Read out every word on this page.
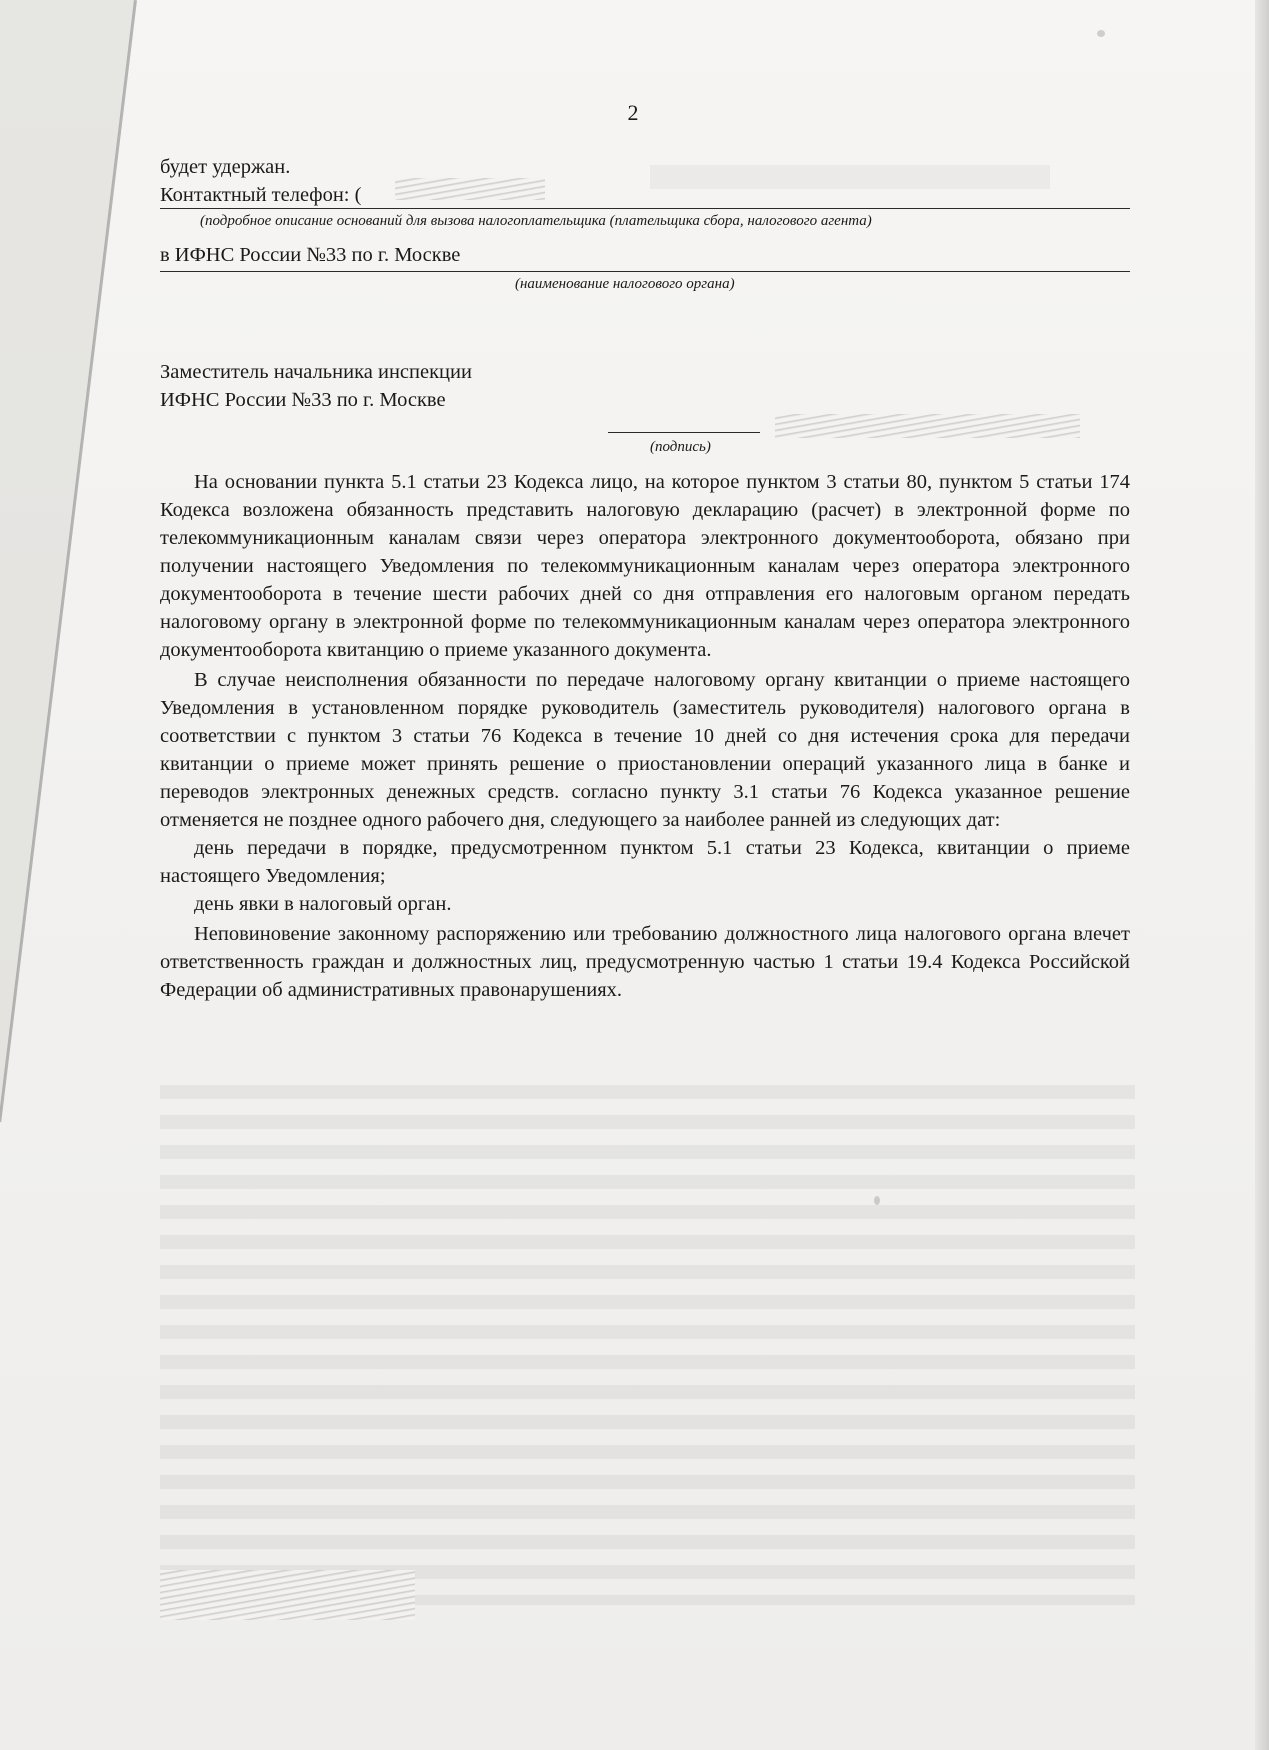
2
будет удержан.
Контактный телефон: (
(подробное описание оснований для вызова налогоплательщика (плательщика сбора, налогового агента)
в ИФНС России №33 по г. Москве
(наименование налогового органа)
Заместитель начальника инспекции
ИФНС России №33 по г. Москве
(подпись)

На основании пункта 5.1 статьи 23 Кодекса лицо, на которое пунктом 3 статьи 80, пунктом 5 статьи 174 Кодекса возложена обязанность представить налоговую декларацию (расчет) в электронной форме по телекоммуникационным каналам связи через оператора электронного документооборота, обязано при получении настоящего Уведомления по телекоммуникационным каналам через оператора электронного документооборота в течение шести рабочих дней со дня отправления его налоговым органом передать налоговому органу в электронной форме по телекоммуникационным каналам через оператора электронного документооборота квитанцию о приеме указанного документа.

В случае неисполнения обязанности по передаче налоговому органу квитанции о приеме настоящего Уведомления в установленном порядке руководитель (заместитель руководителя) налогового органа в соответствии с пунктом 3 статьи 76 Кодекса в течение 10 дней со дня истечения срока для передачи квитанции о приеме может принять решение о приостановлении операций указанного лица в банке и переводов электронных денежных средств. согласно пункту 3.1 статьи 76 Кодекса указанное решение отменяется не позднее одного рабочего дня, следующего за наиболее ранней из следующих дат:

день передачи в порядке, предусмотренном пунктом 5.1 статьи 23 Кодекса, квитанции о приеме настоящего Уведомления;

день явки в налоговый орган.

Неповиновение законному распоряжению или требованию должностного лица налогового органа влечет ответственность граждан и должностных лиц, предусмотренную частью 1 статьи 19.4 Кодекса Российской Федерации об административных правонарушениях.
